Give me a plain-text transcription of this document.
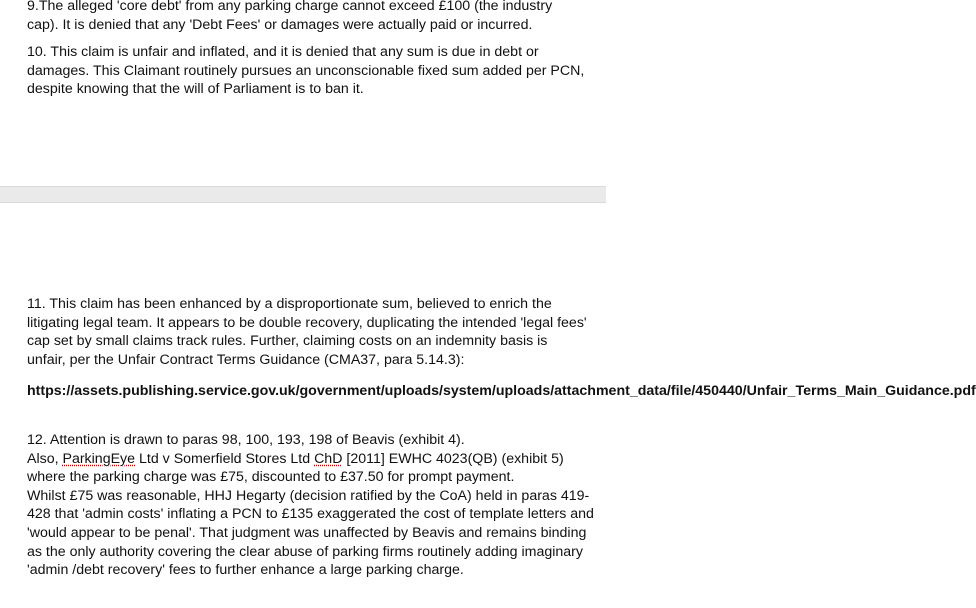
9.The alleged 'core debt' from any parking charge cannot exceed £100 (the industry cap). It is denied that any 'Debt Fees' or damages were actually paid or incurred.

10. This claim is unfair and inflated, and it is denied that any sum is due in debt or damages. This Claimant routinely pursues an unconscionable fixed sum added per PCN, despite knowing that the will of Parliament is to ban it.

11. This claim has been enhanced by a disproportionate sum, believed to enrich the litigating legal team. It appears to be double recovery, duplicating the intended 'legal fees' cap set by small claims track rules. Further, claiming costs on an indemnity basis is unfair, per the Unfair Contract Terms Guidance (CMA37, para 5.14.3):

https://assets.publishing.service.gov.uk/government/uploads/system/uploads/attachment_data/file/450440/Unfair_Terms_Main_Guidance.pdf

12. Attention is drawn to paras 98, 100, 193, 198 of Beavis (exhibit 4).
Also, ParkingEye Ltd v Somerfield Stores Ltd ChD [2011] EWHC 4023(QB) (exhibit 5) where the parking charge was £75, discounted to £37.50 for prompt payment.
Whilst £75 was reasonable, HHJ Hegarty (decision ratified by the CoA) held in paras 419-428 that 'admin costs' inflating a PCN to £135 exaggerated the cost of template letters and 'would appear to be penal'. That judgment was unaffected by Beavis and remains binding as the only authority covering the clear abuse of parking firms routinely adding imaginary 'admin /debt recovery' fees to further enhance a large parking charge.
